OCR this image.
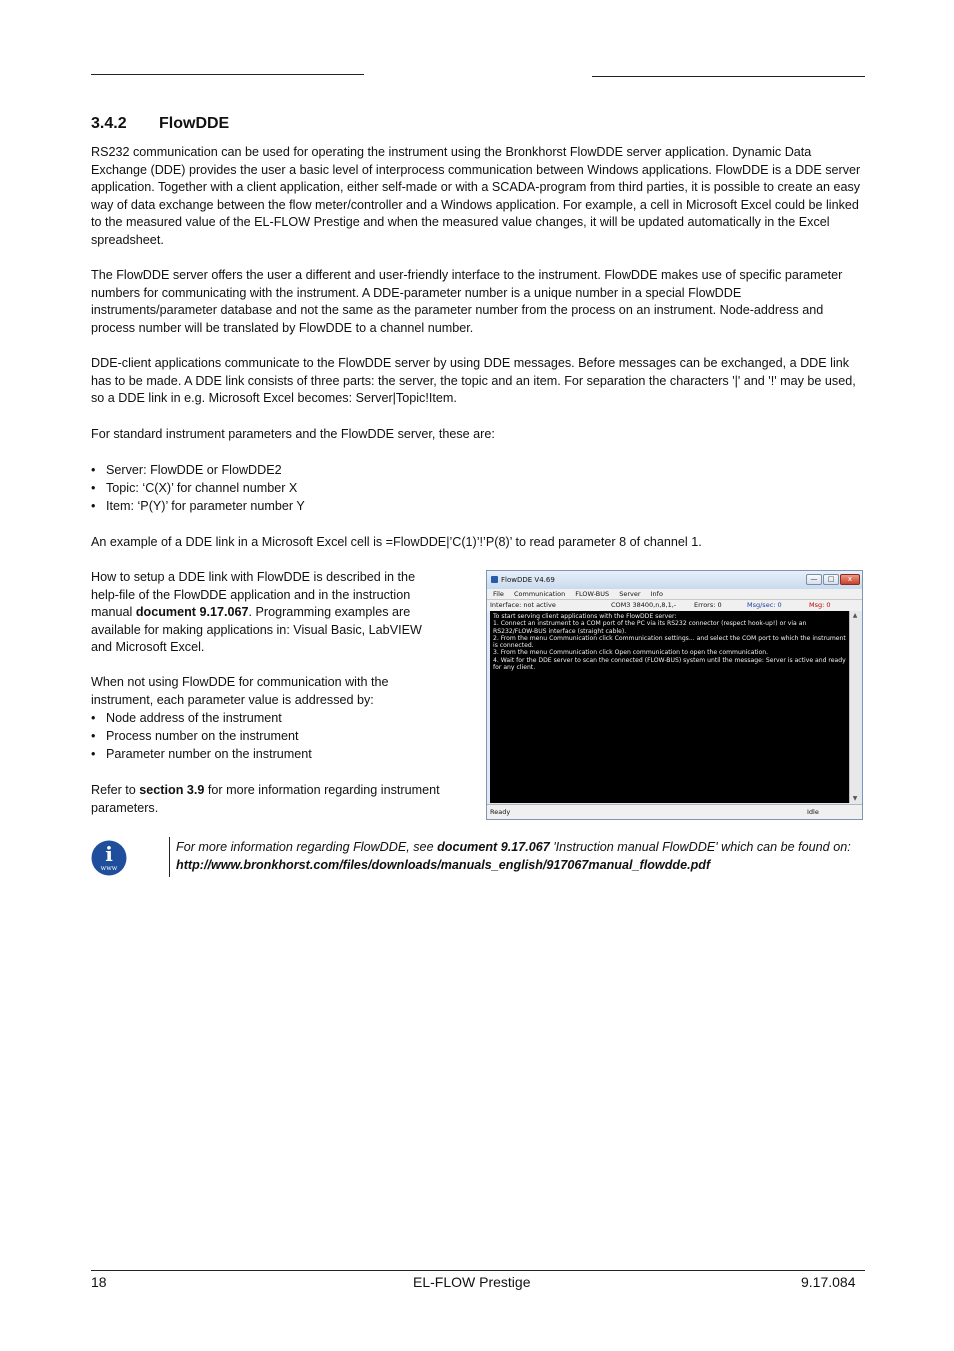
3.4.2 FlowDDE

RS232 communication can be used for operating the instrument using the Bronkhorst FlowDDE server application. Dynamic Data Exchange (DDE) provides the user a basic level of interprocess communication between Windows applications. FlowDDE is a DDE server application. Together with a client application, either self-made or with a SCADA-program from third parties, it is possible to create an easy way of data exchange between the flow meter/controller and a Windows application. For example, a cell in Microsoft Excel could be linked to the measured value of the EL-FLOW Prestige and when the measured value changes, it will be updated automatically in the Excel spreadsheet.

The FlowDDE server offers the user a different and user-friendly interface to the instrument. FlowDDE makes use of specific parameter numbers for communicating with the instrument. A DDE-parameter number is a unique number in a special FlowDDE instruments/parameter database and not the same as the parameter number from the process on an instrument. Node-address and process number will be translated by FlowDDE to a channel number.

DDE-client applications communicate to the FlowDDE server by using DDE messages. Before messages can be exchanged, a DDE link has to be made. A DDE link consists of three parts: the server, the topic and an item. For separation the characters '|' and '!' may be used, so a DDE link in e.g. Microsoft Excel becomes: Server|Topic!Item.

For standard instrument parameters and the FlowDDE server, these are:

• Server: FlowDDE or FlowDDE2
• Topic: ‘C(X)’ for channel number X
• Item: ‘P(Y)’ for parameter number Y

An example of a DDE link in a Microsoft Excel cell is =FlowDDE|’C(1)’!’P(8)’ to read parameter 8 of channel 1.

How to setup a DDE link with FlowDDE is described in the help-file of the FlowDDE application and in the instruction manual document 9.17.067. Programming examples are available for making applications in: Visual Basic, LabVIEW and Microsoft Excel.

When not using FlowDDE for communication with the instrument, each parameter value is addressed by:

• Node address of the instrument
• Process number on the instrument
• Parameter number on the instrument

Refer to section 3.9 for more information regarding instrument parameters.

FlowDDE V4.69	—	□	x
File Communication FLOW-BUS Server Info
Interface: not active	COM3 38400,n,8,1,-	Errors: 0	Msg/sec: 0	Msg: 0
To start serving client applications with the FlowDDE server:
1. Connect an instrument to a COM port of the PC via its RS232 connector (respect hook-up!) or via an RS232/FLOW-BUS interface (straight cable).
2. From the menu Communication click Communication settings... and select the COM port to which the instrument is connected.
3. From the menu Communication click Open communication to open the communication.
4. Wait for the DDE server to scan the connected (FLOW-BUS) system until the message: Server is active and ready for any client.
▲
▼
Ready	Idle
i
www

For more information regarding FlowDDE, see document 9.17.067 'Instruction manual FlowDDE' which can be found on: http://www.bronkhorst.com/files/downloads/manuals_english/917067manual_flowdde.pdf

18	EL-FLOW Prestige	9.17.084
